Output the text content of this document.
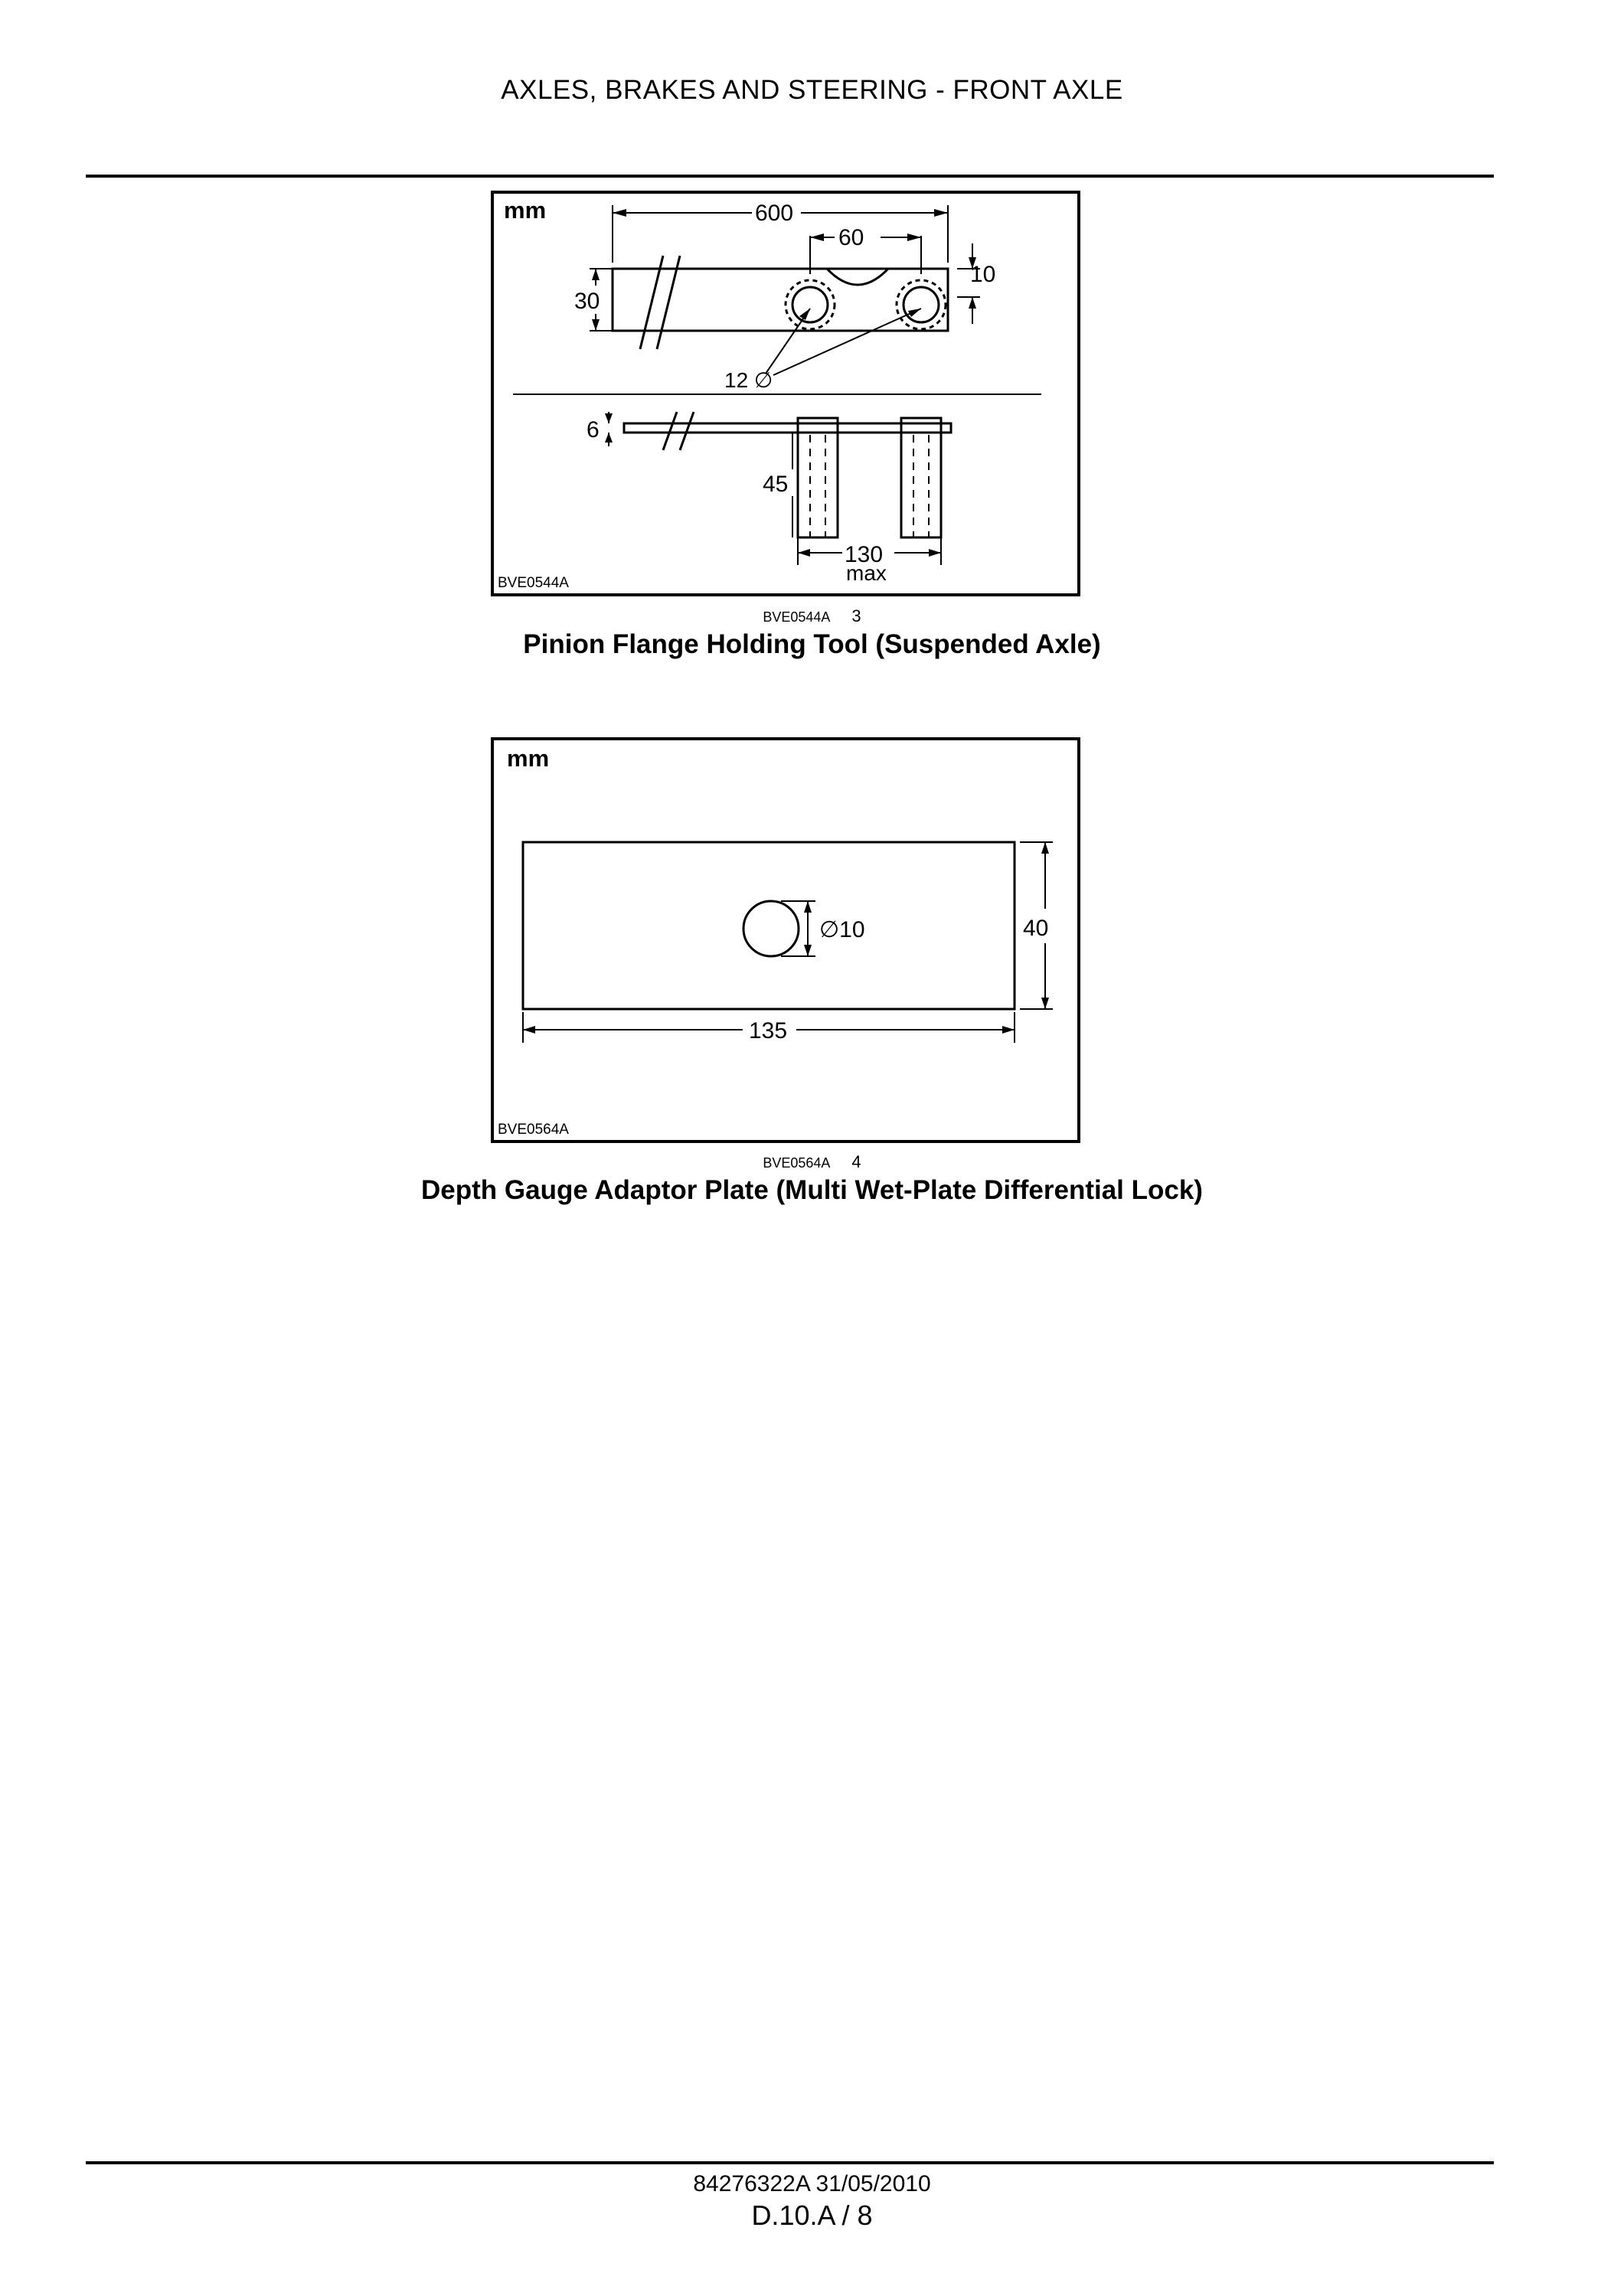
AXLES, BRAKES AND STEERING - FRONT AXLE
mm	600
60
10
30
12 ∅
6
45
130
max
BVE0544A
BVE0544A 3
Pinion Flange Holding Tool (Suspended Axle)
mm
∅10	40
135
BVE0564A
BVE0564A 4
Depth Gauge Adaptor Plate (Multi Wet-Plate Differential Lock)
84276322A 31/05/2010
D.10.A / 8
